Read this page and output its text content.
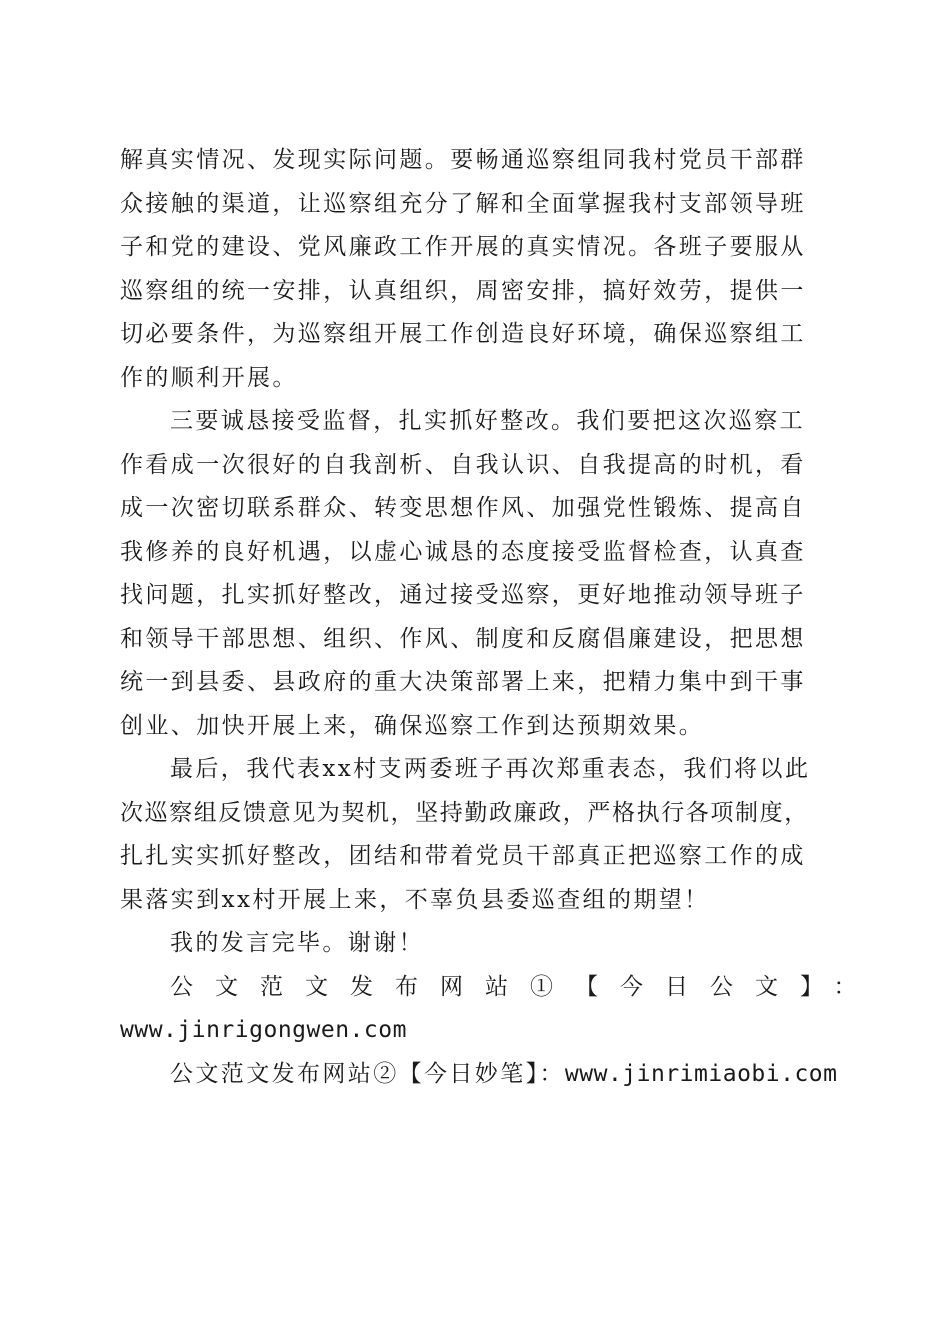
解真实情况、发现实际问题。要畅通巡察组同我村党员干部群
众接触的渠道，让巡察组充分了解和全面掌握我村支部领导班
子和党的建设、党风廉政工作开展的真实情况。各班子要服从
巡察组的统一安排，认真组织，周密安排，搞好效劳，提供一
切必要条件，为巡察组开展工作创造良好环境，确保巡察组工
作的顺利开展。

三要诚恳接受监督，扎实抓好整改。我们要把这次巡察工
作看成一次很好的自我剖析、自我认识、自我提高的时机，看
成一次密切联系群众、转变思想作风、加强党性锻炼、提高自
我修养的良好机遇，以虚心诚恳的态度接受监督检查，认真查
找问题，扎实抓好整改，通过接受巡察，更好地推动领导班子
和领导干部思想、组织、作风、制度和反腐倡廉建设，把思想
统一到县委、县政府的重大决策部署上来，把精力集中到干事
创业、加快开展上来，确保巡察工作到达预期效果。

最后，我代表xx村支两委班子再次郑重表态，我们将以此
次巡察组反馈意见为契机，坚持勤政廉政，严格执行各项制度，
扎扎实实抓好整改，团结和带着党员干部真正把巡察工作的成
果落实到xx村开展上来，不辜负县委巡查组的期望！

我的发言完毕。谢谢！

公文范文发布网站①【今日公文】：
www.jinrigongwen.com
公文范文发布网站②【今日妙笔】：www.jinrimiaobi.com
